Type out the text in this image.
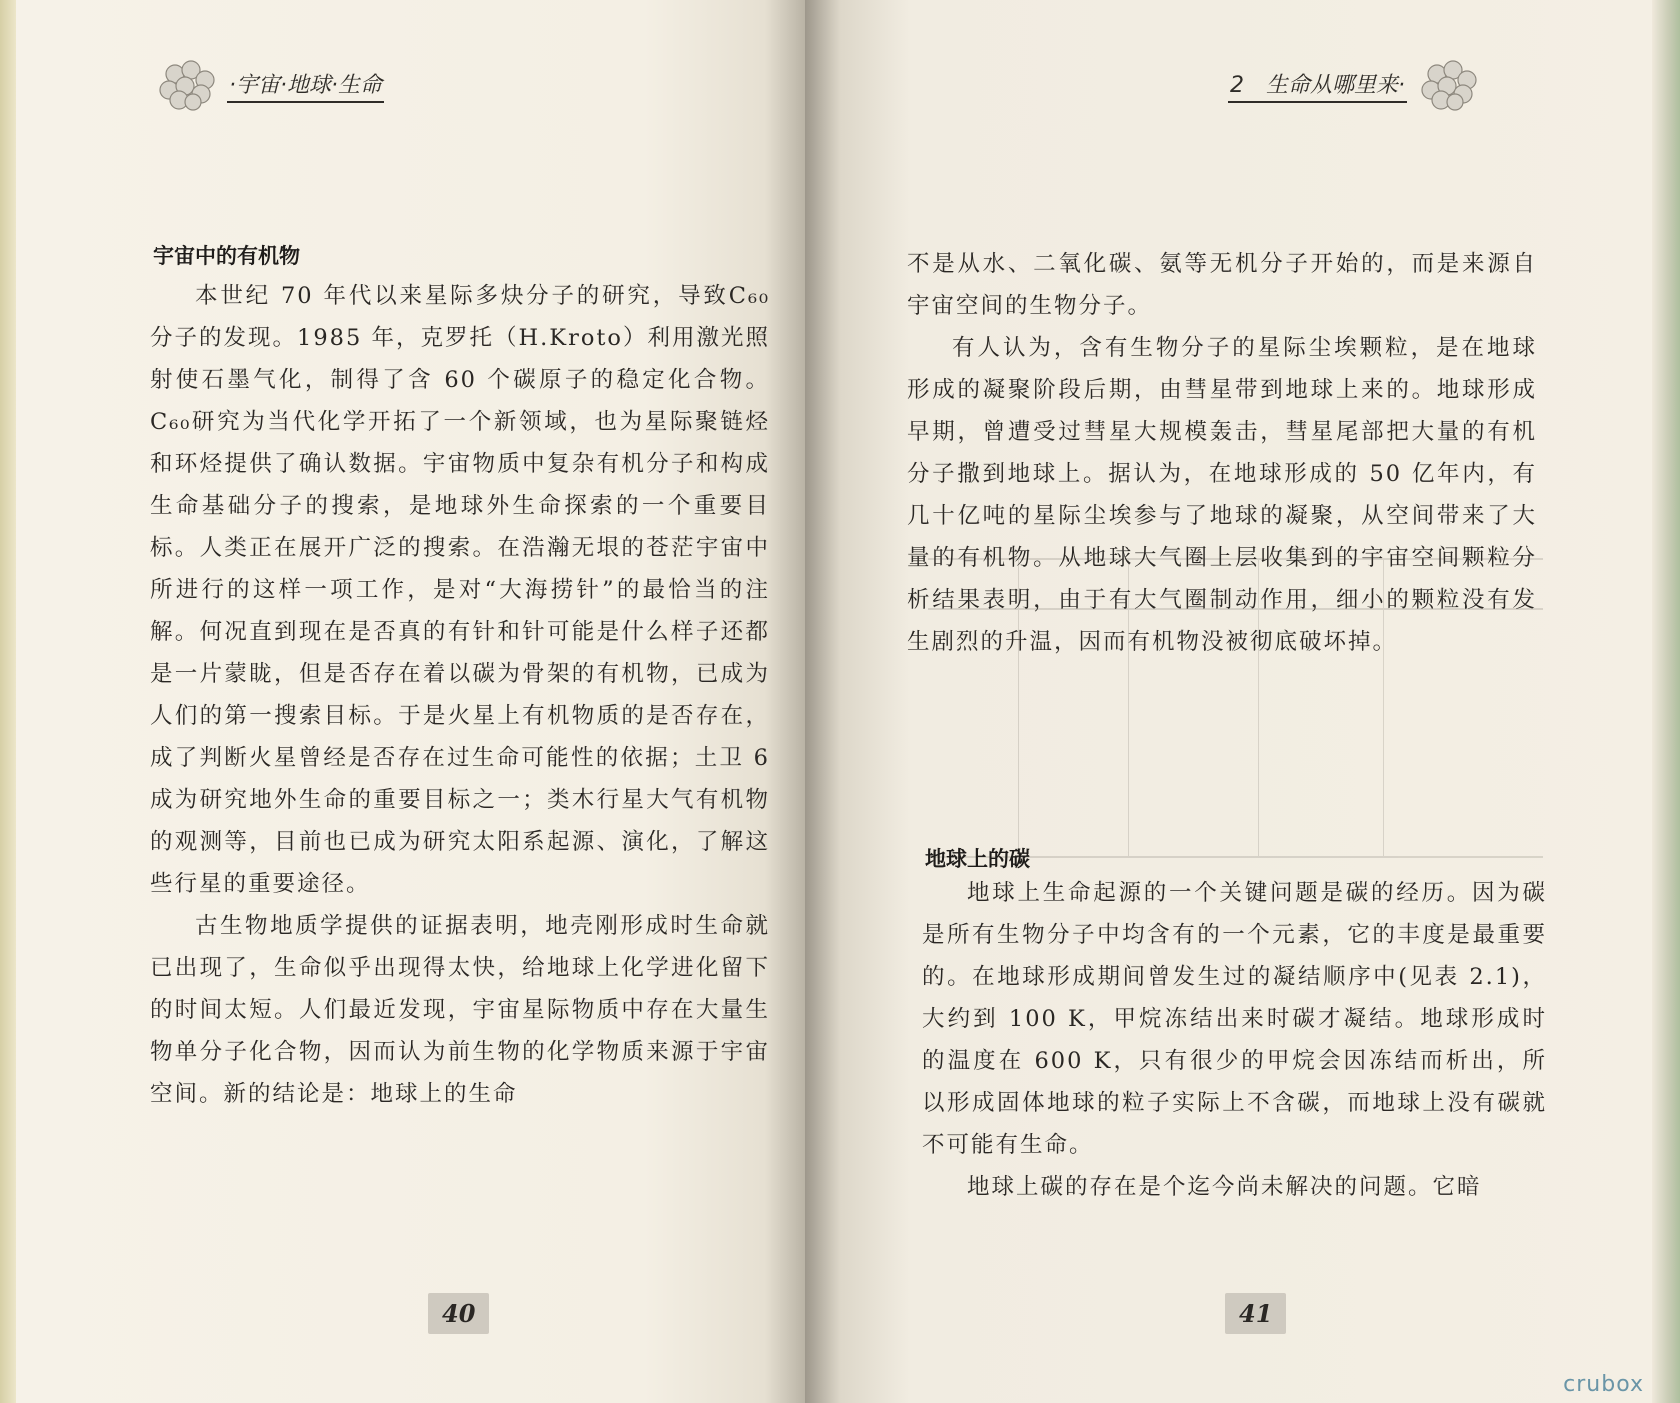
·宇宙·地球·生命
宇宙中的有机物

本世纪 70 年代以来星际多炔分子的研究，导致C₆₀分子的发现。1985 年，克罗托（H.Kroto）利用激光照射使石墨气化，制得了含 60 个碳原子的稳定化合物。C₆₀研究为当代化学开拓了一个新领域，也为星际聚链烃和环烃提供了确认数据。宇宙物质中复杂有机分子和构成生命基础分子的搜索，是地球外生命探索的一个重要目标。人类正在展开广泛的搜索。在浩瀚无垠的苍茫宇宙中所进行的这样一项工作，是对“大海捞针”的最恰当的注解。何况直到现在是否真的有针和针可能是什么样子还都是一片蒙眬，但是否存在着以碳为骨架的有机物，已成为人们的第一搜索目标。于是火星上有机物质的是否存在，成了判断火星曾经是否存在过生命可能性的依据；土卫 6 成为研究地外生命的重要目标之一；类木行星大气有机物的观测等，目前也已成为研究太阳系起源、演化，了解这些行星的重要途径。

古生物地质学提供的证据表明，地壳刚形成时生命就已出现了，生命似乎出现得太快，给地球上化学进化留下的时间太短。人们最近发现，宇宙星际物质中存在大量生物单分子化合物，因而认为前生物的化学物质来源于宇宙空间。新的结论是：地球上的生命

40
2　生命从哪里来·

不是从水、二氧化碳、氨等无机分子开始的，而是来源自宇宙空间的生物分子。

有人认为，含有生物分子的星际尘埃颗粒，是在地球形成的凝聚阶段后期，由彗星带到地球上来的。地球形成早期，曾遭受过彗星大规模轰击，彗星尾部把大量的有机分子撒到地球上。据认为，在地球形成的 50 亿年内，有几十亿吨的星际尘埃参与了地球的凝聚，从空间带来了大量的有机物。从地球大气圈上层收集到的宇宙空间颗粒分析结果表明，由于有大气圈制动作用，细小的颗粒没有发生剧烈的升温，因而有机物没被彻底破坏掉。

地球上的碳

地球上生命起源的一个关键问题是碳的经历。因为碳是所有生物分子中均含有的一个元素，它的丰度是最重要的。在地球形成期间曾发生过的凝结顺序中(见表 2.1)，大约到 100 K，甲烷冻结出来时碳才凝结。地球形成时的温度在 600 K，只有很少的甲烷会因冻结而析出，所以形成固体地球的粒子实际上不含碳，而地球上没有碳就不可能有生命。

地球上碳的存在是个迄今尚未解决的问题。它暗

41
crubox
